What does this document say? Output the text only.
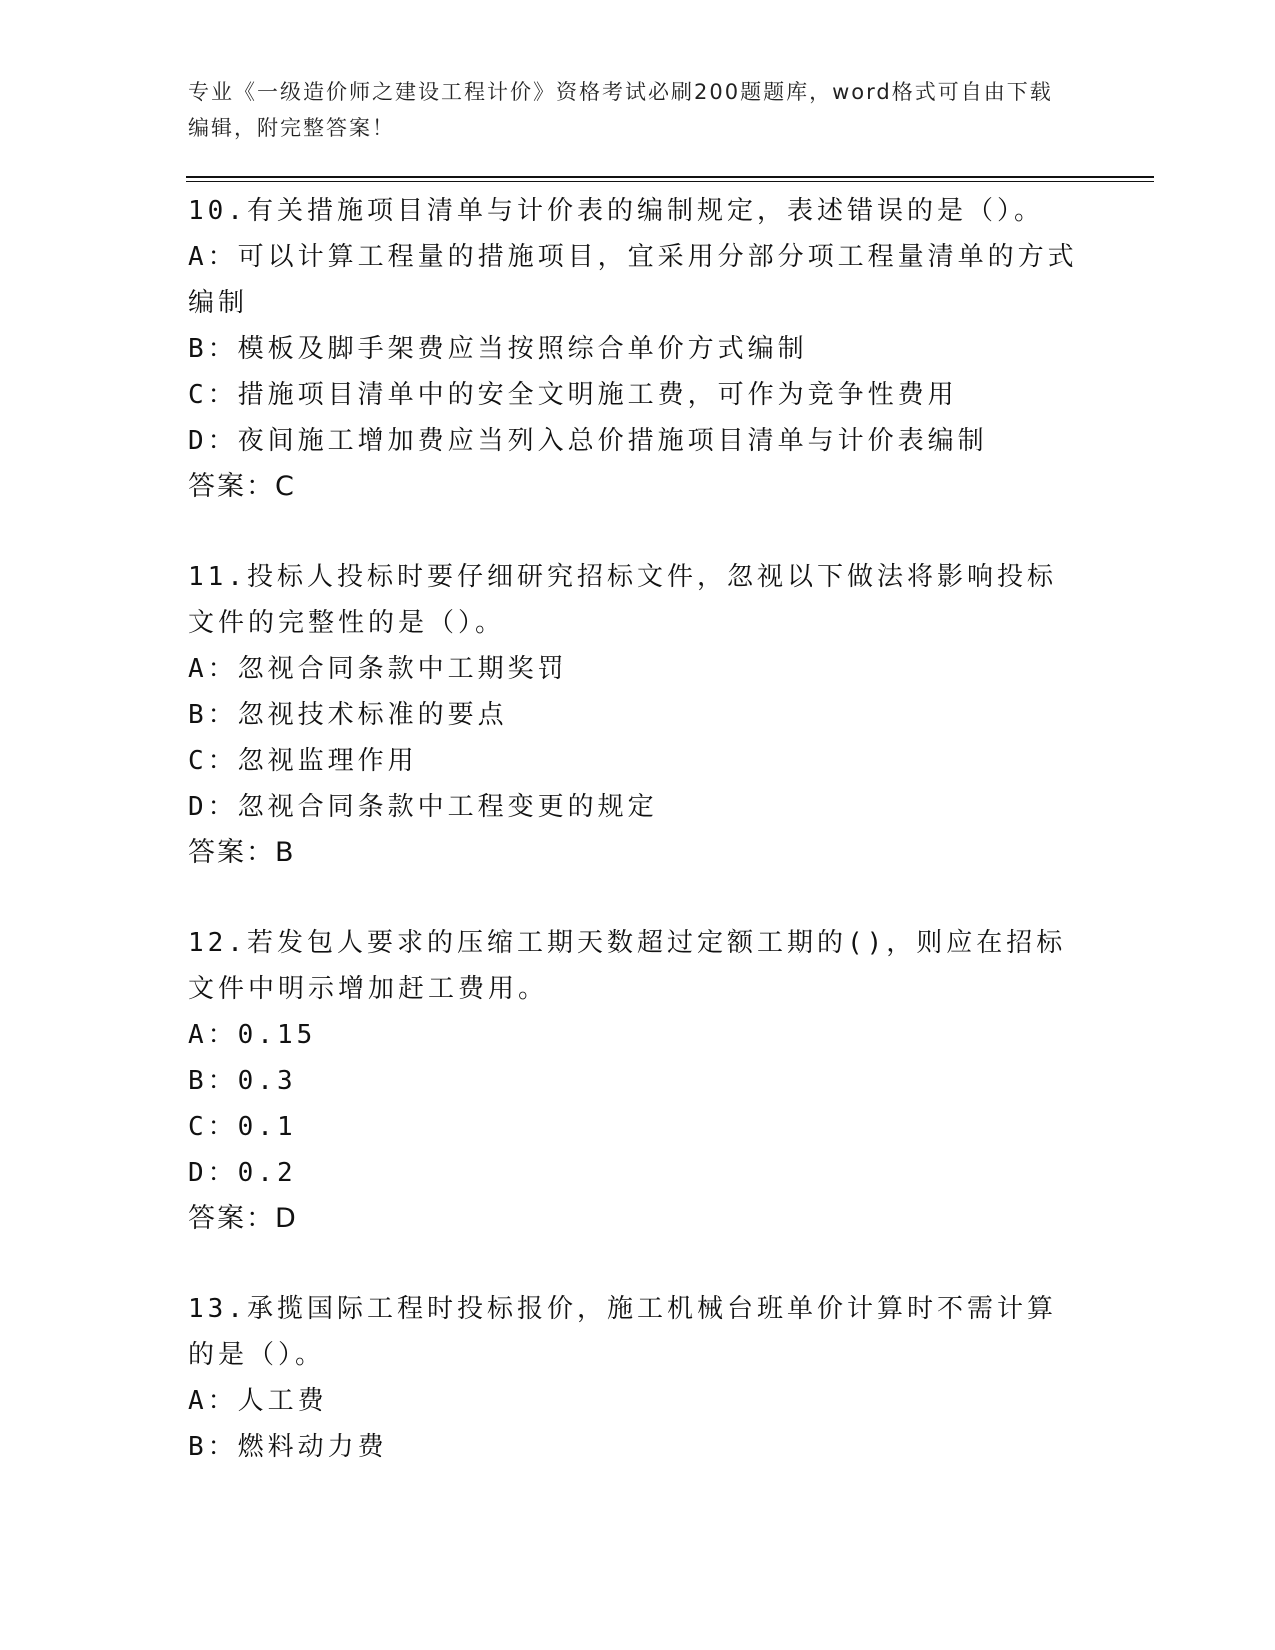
专业《一级造价师之建设工程计价》资格考试必刷200题题库，word格式可自由下载编辑，附完整答案！

10.有关措施项目清单与计价表的编制规定，表述错误的是（）。

A：可以计算工程量的措施项目，宜采用分部分项工程量清单的方式编制

B：模板及脚手架费应当按照综合单价方式编制

C：措施项目清单中的安全文明施工费，可作为竞争性费用

D：夜间施工增加费应当列入总价措施项目清单与计价表编制

答案：C

11.投标人投标时要仔细研究招标文件，忽视以下做法将影响投标文件的完整性的是（）。

A：忽视合同条款中工期奖罚

B：忽视技术标准的要点

C：忽视监理作用

D：忽视合同条款中工程变更的规定

答案：B

12.若发包人要求的压缩工期天数超过定额工期的()，则应在招标文件中明示增加赶工费用。

A：0.15

B：0.3

C：0.1

D：0.2

答案：D

13.承揽国际工程时投标报价，施工机械台班单价计算时不需计算的是（）。

A：人工费

B：燃料动力费
